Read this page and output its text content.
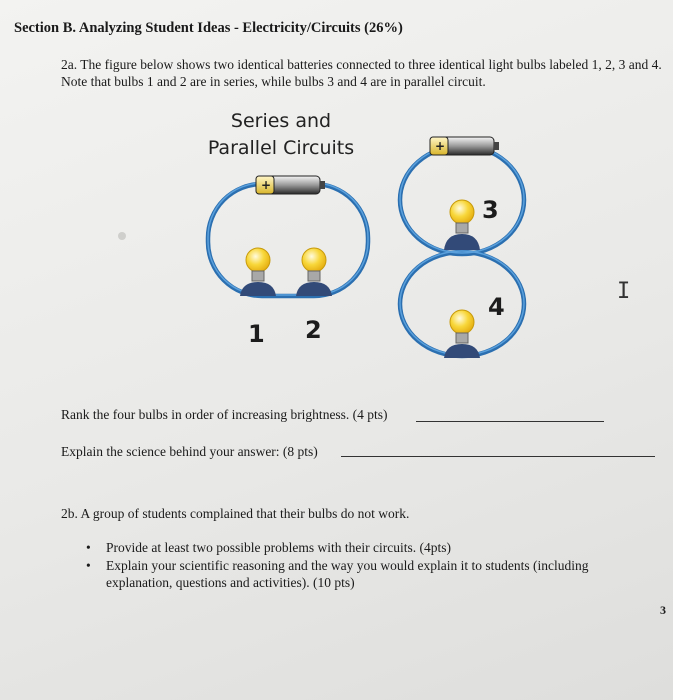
Section B. Analyzing Student Ideas - Electricity/Circuits (26%)
2a. The figure below shows two identical batteries connected to three identical light bulbs labeled 1, 2, 3 and 4. Note that bulbs 1 and 2 are in series, while bulbs 3 and 4 are in parallel circuit.
Series and
Parallel Circuits
+
+
1 2
3
4
I
Rank the four bulbs in order of increasing brightness. (4 pts)
Explain the science behind your answer: (8 pts)
2b. A group of students complained that their bulbs do not work.
• Provide at least two possible problems with their circuits. (4pts)
• Explain your scientific reasoning and the way you would explain it to students (including explanation, questions and activities). (10 pts)
3
